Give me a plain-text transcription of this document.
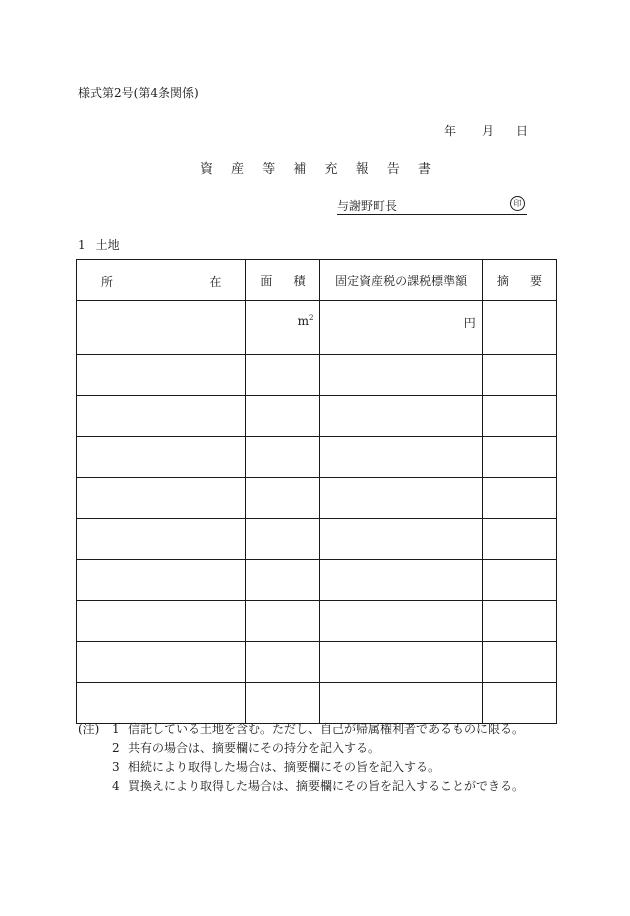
様式第2号(第4条関係)
年 月 日
資 産 等 補 充 報 告 書
与謝野町長	印
1 土地
所 在	面 積	固定資産税の課税標準額	摘 要

	$m^2$	円	

(注)	1 信託している土地を含む。ただし、自己が帰属権利者であるものに限る。
2 共有の場合は、摘要欄にその持分を記入する。
3 相続により取得した場合は、摘要欄にその旨を記入する。
4 買換えにより取得した場合は、摘要欄にその旨を記入することができる。
